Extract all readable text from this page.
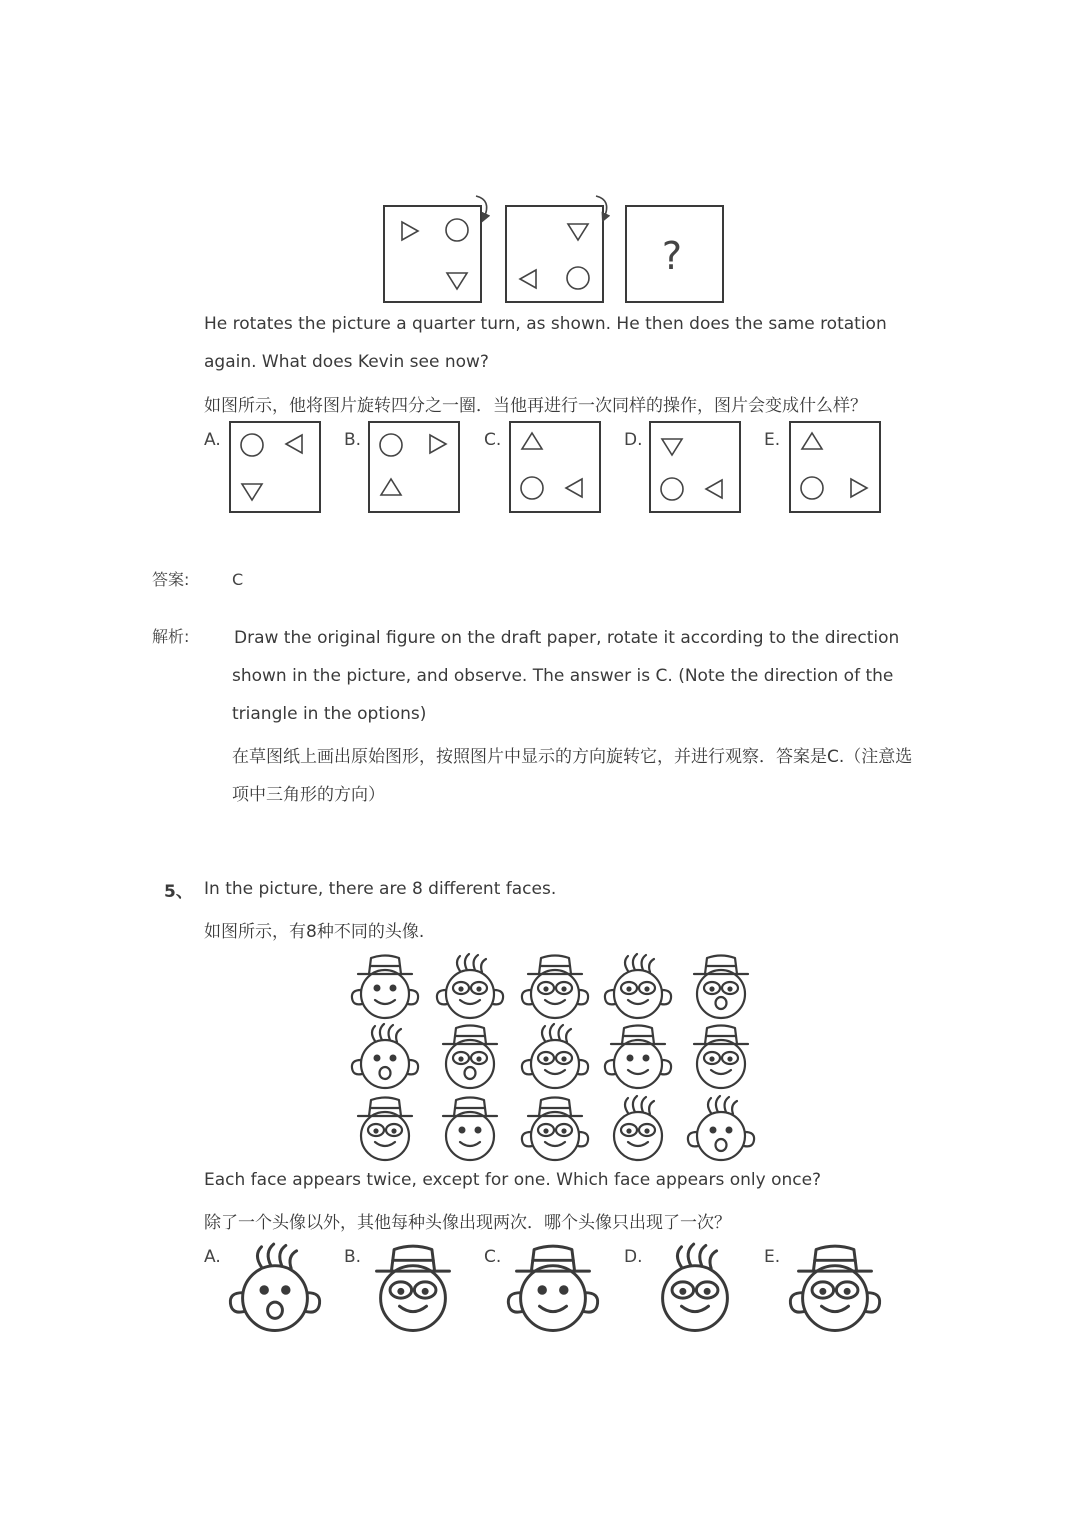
?
He rotates the picture a quarter turn, as shown. He then does the same rotation
again. What does Kevin see now?
如图所示，他将图片旋转四分之一圈．当他再进行一次同样的操作，图片会变成什么样？
A.	B.	C.	D.	E.
答案:	C
解析:	Draw the original figure on the draft paper, rotate it according to the direction
shown in the picture, and observe. The answer is C. (Note the direction of the
triangle in the options)
在草图纸上画出原始图形，按照图片中显示的方向旋转它，并进行观察．答案是C.（注意选
项中三角形的方向）
5、 In the picture, there are 8 different faces.
如图所示，有8种不同的头像.
Each face appears twice, except for one. Which face appears only once?
除了一个头像以外，其他每种头像出现两次．哪个头像只出现了一次？
A.	B.	C.	D.	E.
